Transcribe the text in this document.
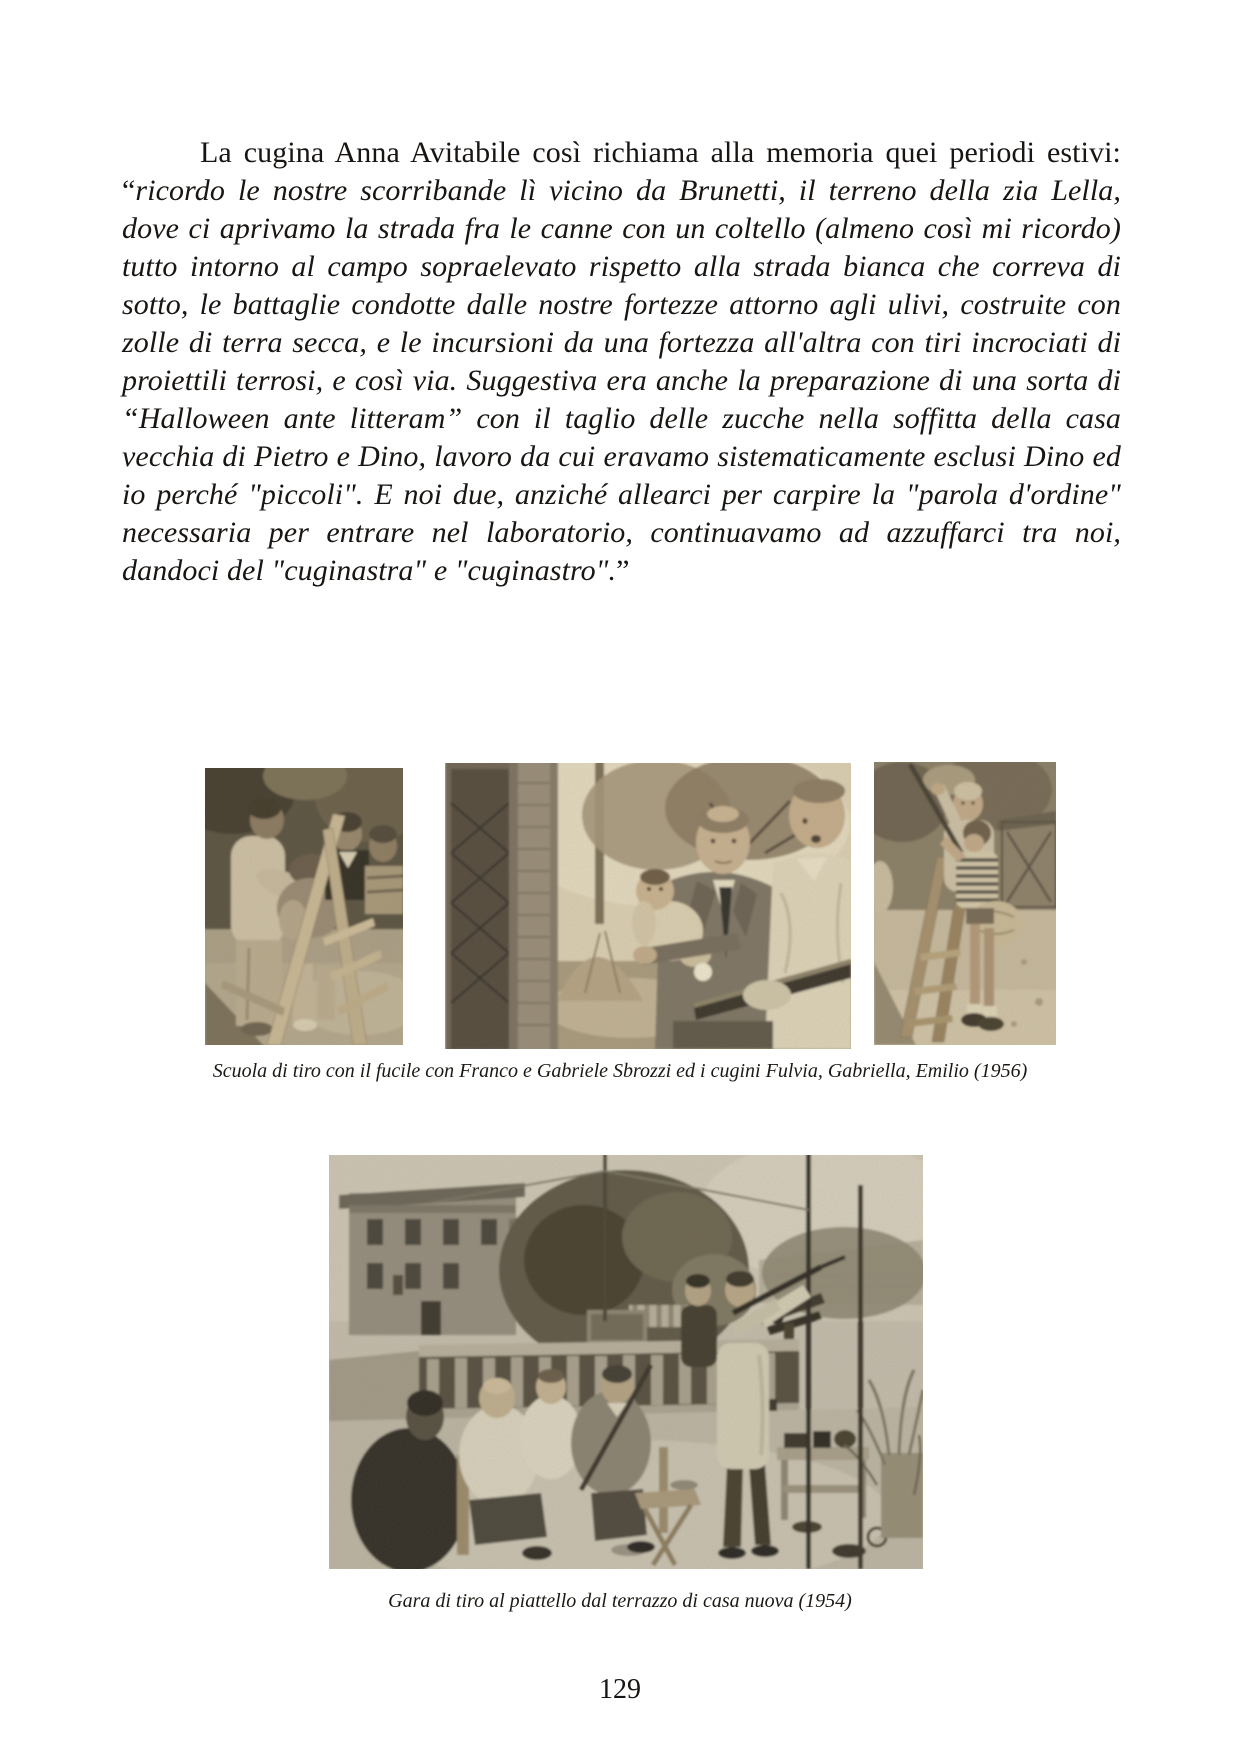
La cugina Anna Avitabile così richiama alla memoria quei periodi estivi: “ricordo le nostre scorribande lì vicino da Brunetti, il terreno della zia Lella, dove ci aprivamo la strada fra le canne con un coltello (almeno così mi ricordo) tutto intorno al campo sopraelevato rispetto alla strada bianca che correva di sotto, le battaglie condotte dalle nostre fortezze attorno agli ulivi, costruite con zolle di terra secca, e le incursioni da una fortezza all'altra con tiri incrociati di proiettili terrosi, e così via. Suggestiva era anche la preparazione di una sorta di “Halloween ante litteram” con il taglio delle zucche nella soffitta della casa vecchia di Pietro e Dino, lavoro da cui eravamo sistematicamente esclusi Dino ed io perché "piccoli". E noi due, anziché allearci per carpire la "parola d'ordine" necessaria per entrare nel laboratorio, continuavamo ad azzuffarci tra noi, dandoci del "cuginastra" e "cuginastro".”

Scuola di tiro con il fucile con Franco e Gabriele Sbrozzi ed i cugini Fulvia, Gabriella, Emilio (1956)

Gara di tiro al piattello dal terrazzo di casa nuova (1954)

129
